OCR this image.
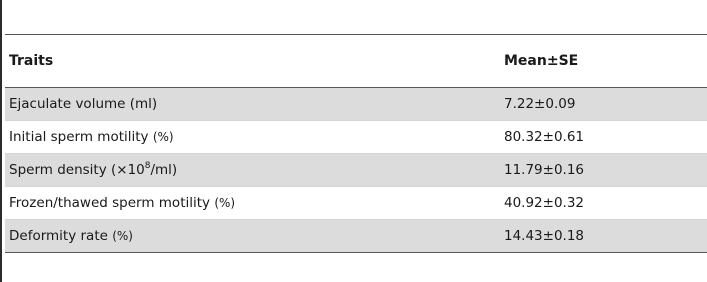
Traits	Mean±SE
Ejaculate volume (ml)	7.22±0.09
Initial sperm motility (%)	80.32±0.61
Sperm density $(\times 10^8/ml)$	11.79±0.16
Frozen/thawed sperm motility (%)	40.92±0.32
Deformity rate (%)	14.43±0.18
